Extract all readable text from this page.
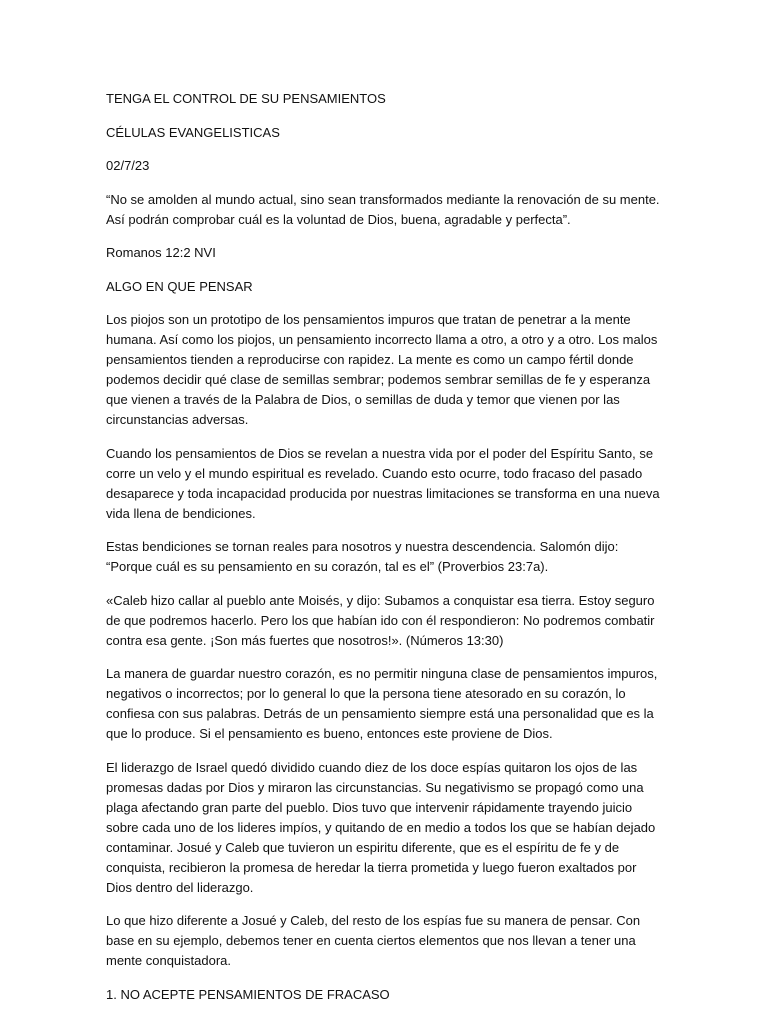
TENGA EL CONTROL DE SU PENSAMIENTOS

CÉLULAS EVANGELISTICAS

02/7/23

“No se amolden al mundo actual, sino sean transformados mediante la renovación de su mente. Así podrán comprobar cuál es la voluntad de Dios, buena, agradable y perfecta”.

Romanos 12:2 NVI

ALGO EN QUE PENSAR

Los piojos son un prototipo de los pensamientos impuros que tratan de penetrar a la mente humana. Así como los piojos, un pensamiento incorrecto llama a otro, a otro y a otro. Los malos pensamientos tienden a reproducirse con rapidez. La mente es como un campo fértil donde podemos decidir qué clase de semillas sembrar; podemos sembrar semillas de fe y esperanza que vienen a través de la Palabra de Dios, o semillas de duda y temor que vienen por las circunstancias adversas.

Cuando los pensamientos de Dios se revelan a nuestra vida por el poder del Espíritu Santo, se corre un velo y el mundo espiritual es revelado. Cuando esto ocurre, todo fracaso del pasado desaparece y toda incapacidad producida por nuestras limitaciones se transforma en una nueva vida llena de bendiciones.

Estas bendiciones se tornan reales para nosotros y nuestra descendencia. Salomón dijo: “Porque cuál es su pensamiento en su corazón, tal es el” (Proverbios 23:7a).

«Caleb hizo callar al pueblo ante Moisés, y dijo: Subamos a conquistar esa tierra. Estoy seguro de que podremos hacerlo. Pero los que habían ido con él respondieron: No podremos combatir contra esa gente. ¡Son más fuertes que nosotros!». (Números 13:30)

La manera de guardar nuestro corazón, es no permitir ninguna clase de pensamientos impuros, negativos o incorrectos; por lo general lo que la persona tiene atesorado en su corazón, lo confiesa con sus palabras. Detrás de un pensamiento siempre está una personalidad que es la que lo produce. Si el pensamiento es bueno, entonces este proviene de Dios.

El liderazgo de Israel quedó dividido cuando diez de los doce espías quitaron los ojos de las promesas dadas por Dios y miraron las circunstancias. Su negativismo se propagó como una plaga afectando gran parte del pueblo. Dios tuvo que intervenir rápidamente trayendo juicio sobre cada uno de los lideres impíos, y quitando de en medio a todos los que se habían dejado contaminar. Josué y Caleb que tuvieron un espiritu diferente, que es el espíritu de fe y de conquista, recibieron la promesa de heredar la tierra prometida y luego fueron exaltados por Dios dentro del liderazgo.

Lo que hizo diferente a Josué y Caleb, del resto de los espías fue su manera de pensar. Con base en su ejemplo, debemos tener en cuenta ciertos elementos que nos llevan a tener una mente conquistadora.

1. NO ACEPTE PENSAMIENTOS DE FRACASO
